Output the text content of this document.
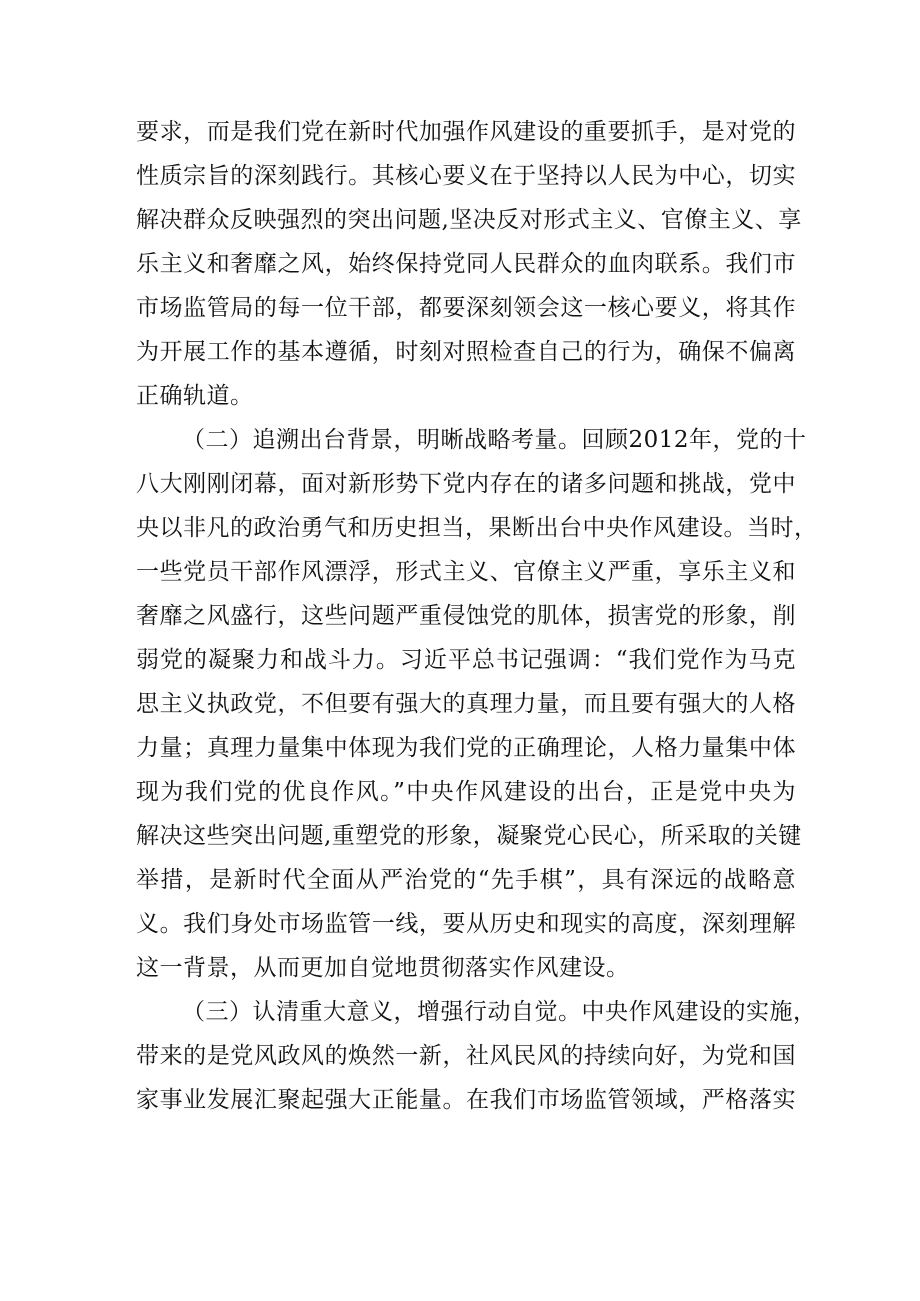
要求，而是我们党在新时代加强作风建设的重要抓手，是对党的
性质宗旨的深刻践行。其核心要义在于坚持以人民为中心，切实
解决群众反映强烈的突出问题,坚决反对形式主义、官僚主义、享
乐主义和奢靡之风，始终保持党同人民群众的血肉联系。我们市
市场监管局的每一位干部，都要深刻领会这一核心要义，将其作
为开展工作的基本遵循，时刻对照检查自己的行为，确保不偏离
正确轨道。
（二）追溯出台背景，明晰战略考量。回顾2012年，党的十
八大刚刚闭幕，面对新形势下党内存在的诸多问题和挑战，党中
央以非凡的政治勇气和历史担当，果断出台中央作风建设。当时，
一些党员干部作风漂浮，形式主义、官僚主义严重，享乐主义和
奢靡之风盛行，这些问题严重侵蚀党的肌体，损害党的形象，削
弱党的凝聚力和战斗力。习近平总书记强调：“我们党作为马克
思主义执政党，不但要有强大的真理力量，而且要有强大的人格
力量；真理力量集中体现为我们党的正确理论，人格力量集中体
现为我们党的优良作风。”中央作风建设的出台，正是党中央为
解决这些突出问题,重塑党的形象，凝聚党心民心，所采取的关键
举措，是新时代全面从严治党的“先手棋”，具有深远的战略意
义。我们身处市场监管一线，要从历史和现实的高度，深刻理解
这一背景，从而更加自觉地贯彻落实作风建设。
（三）认清重大意义，增强行动自觉。中央作风建设的实施，
带来的是党风政风的焕然一新，社风民风的持续向好，为党和国
家事业发展汇聚起强大正能量。在我们市场监管领域，严格落实
